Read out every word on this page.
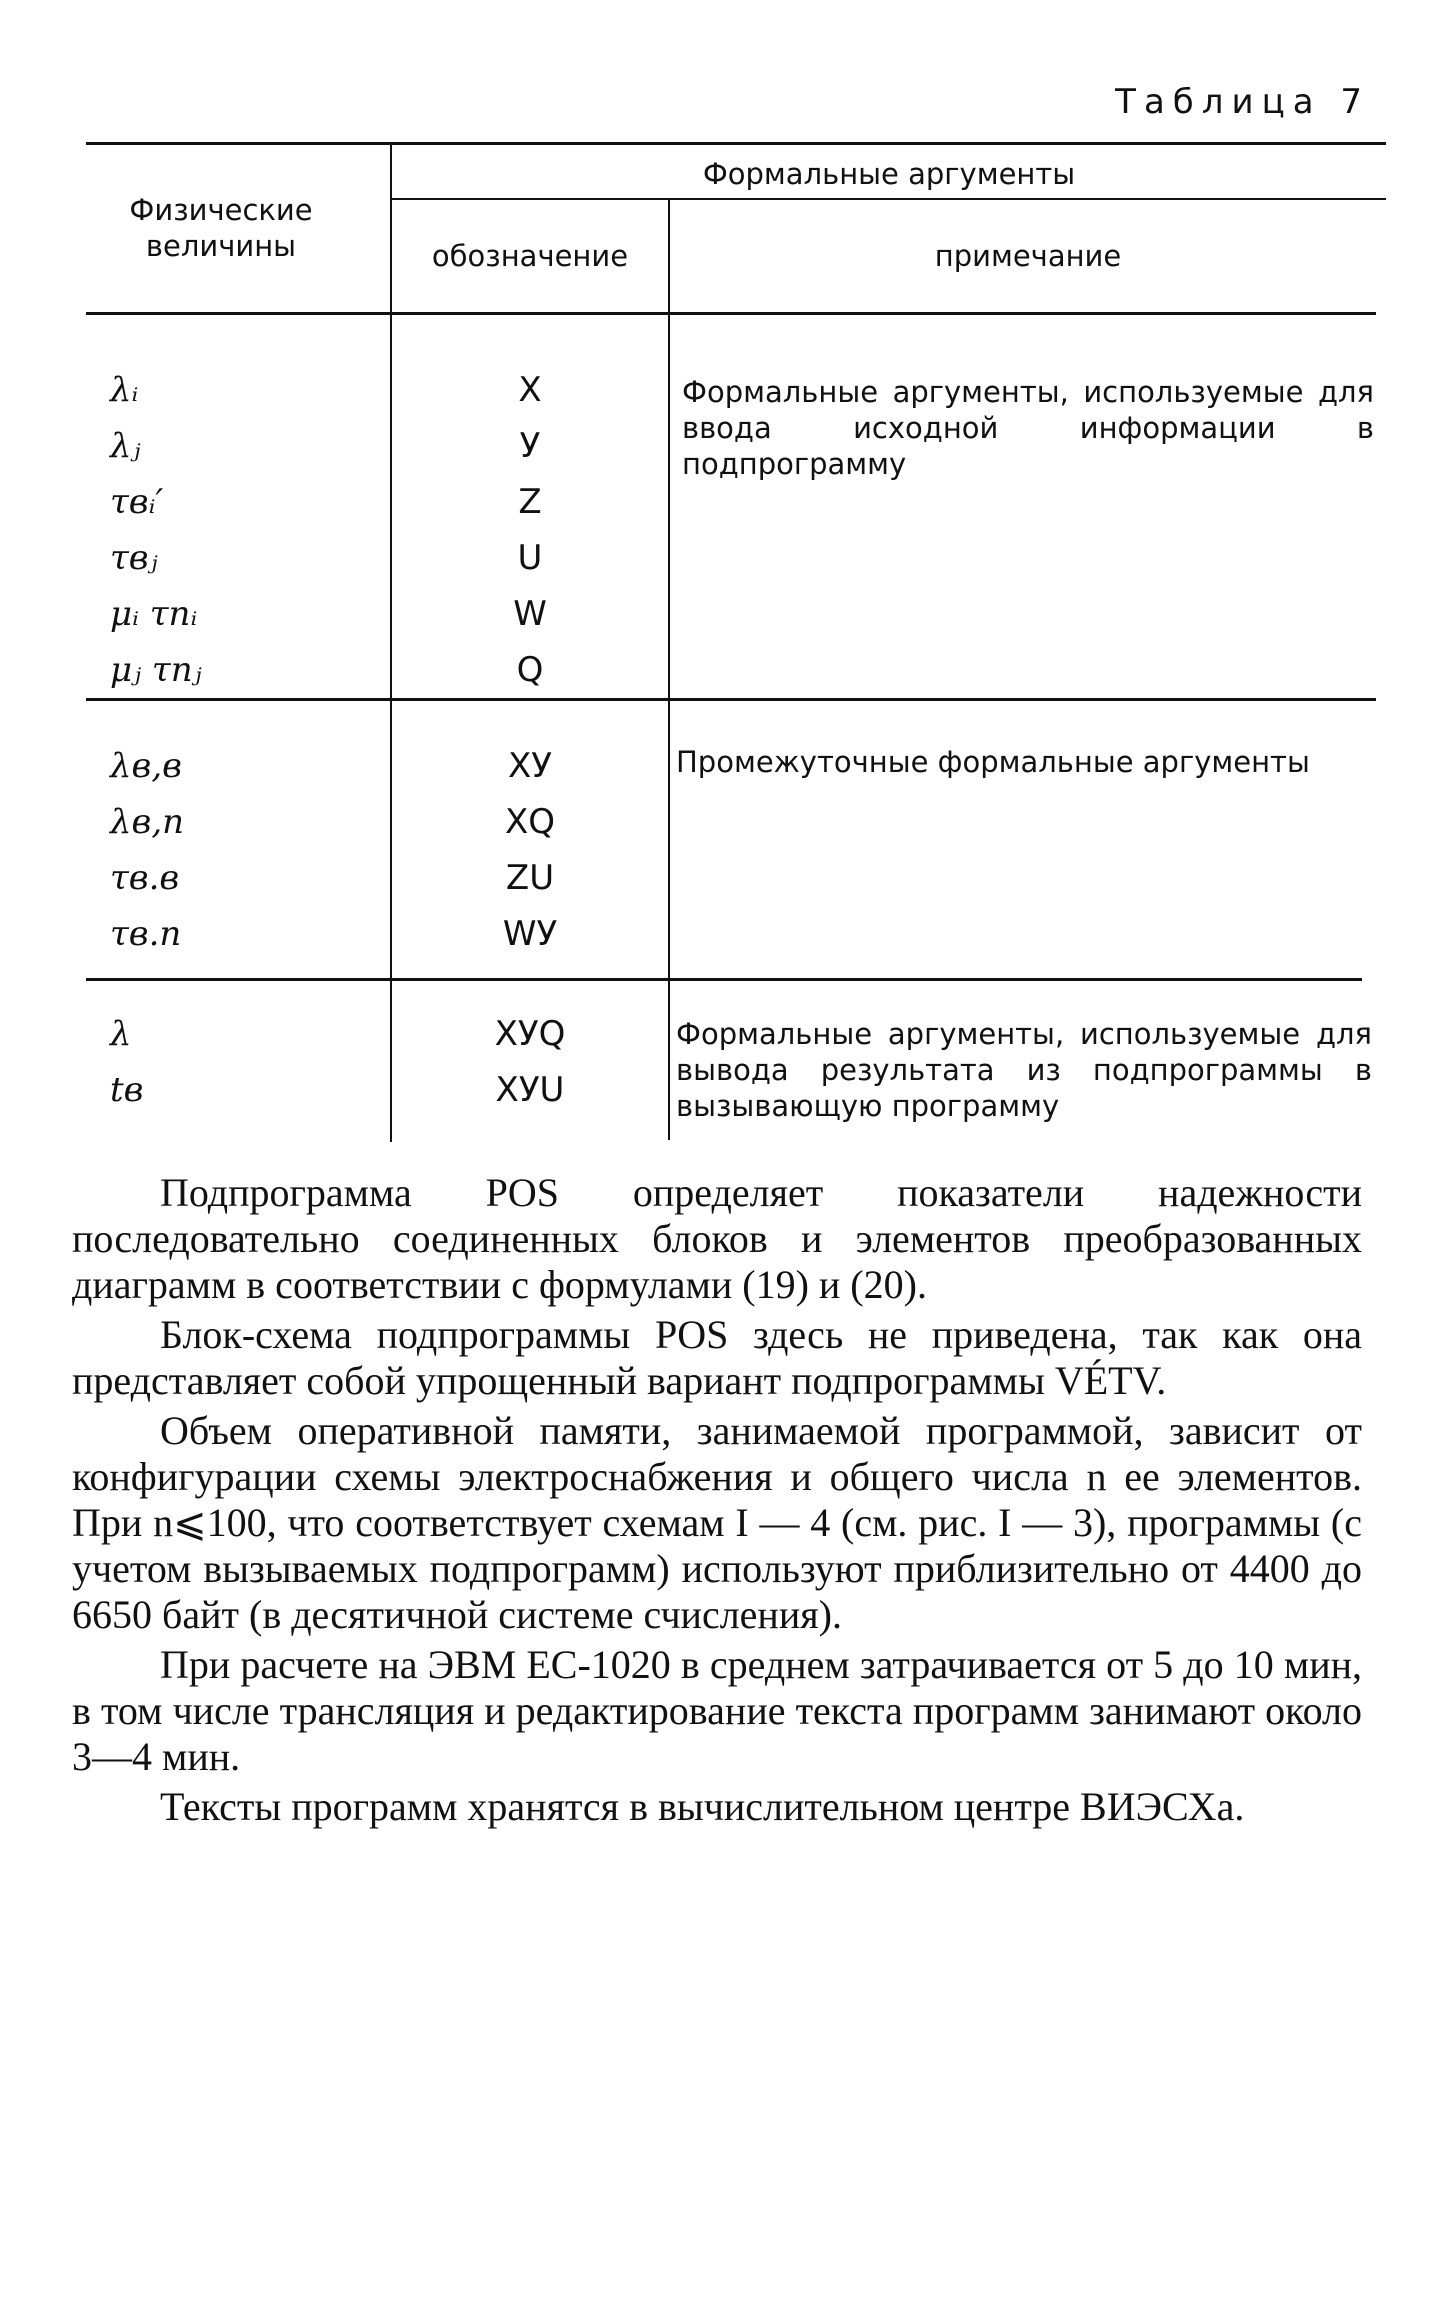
Таблица 7
Физические величины
Формальные аргументы
обозначение	примечание
λᵢ
λⱼ
τвᵢ′
τвⱼ
μᵢ τпᵢ
μⱼ τпⱼ
X
У
Z
U
W
Q
Формальные аргументы, используемые для ввода исходной информации в подпрограмму
λв,в
λв,п
τв.в
τв.п
XУ
XQ
ZU
WУ
Промежуточные формальные аргументы
λ
tв
XУQ
XУU
Формальные аргументы, используемые для вывода результата из подпрограммы в вызывающую программу

Подпрограмма POS определяет показатели надежности последовательно соединенных блоков и элементов преобразованных диаграмм в соответствии с формулами (19) и (20).

Блок-схема подпрограммы POS здесь не приведена, так как она представляет собой упрощенный вариант подпрограммы VÉTV.

Объем оперативной памяти, занимаемой программой, зависит от конфигурации схемы электроснабжения и общего числа n ее элементов. При n⩽100, что соответствует схемам I — 4 (см. рис. I — 3), программы (с учетом вызываемых подпрограмм) используют приблизительно от 4400 до 6650 байт (в десятичной системе счисления).

При расчете на ЭВМ ЕС-1020 в среднем затрачивается от 5 до 10 мин, в том числе трансляция и редактирование текста программ занимают около 3—4 мин.

Тексты программ хранятся в вычислительном центре ВИЭСХа.
